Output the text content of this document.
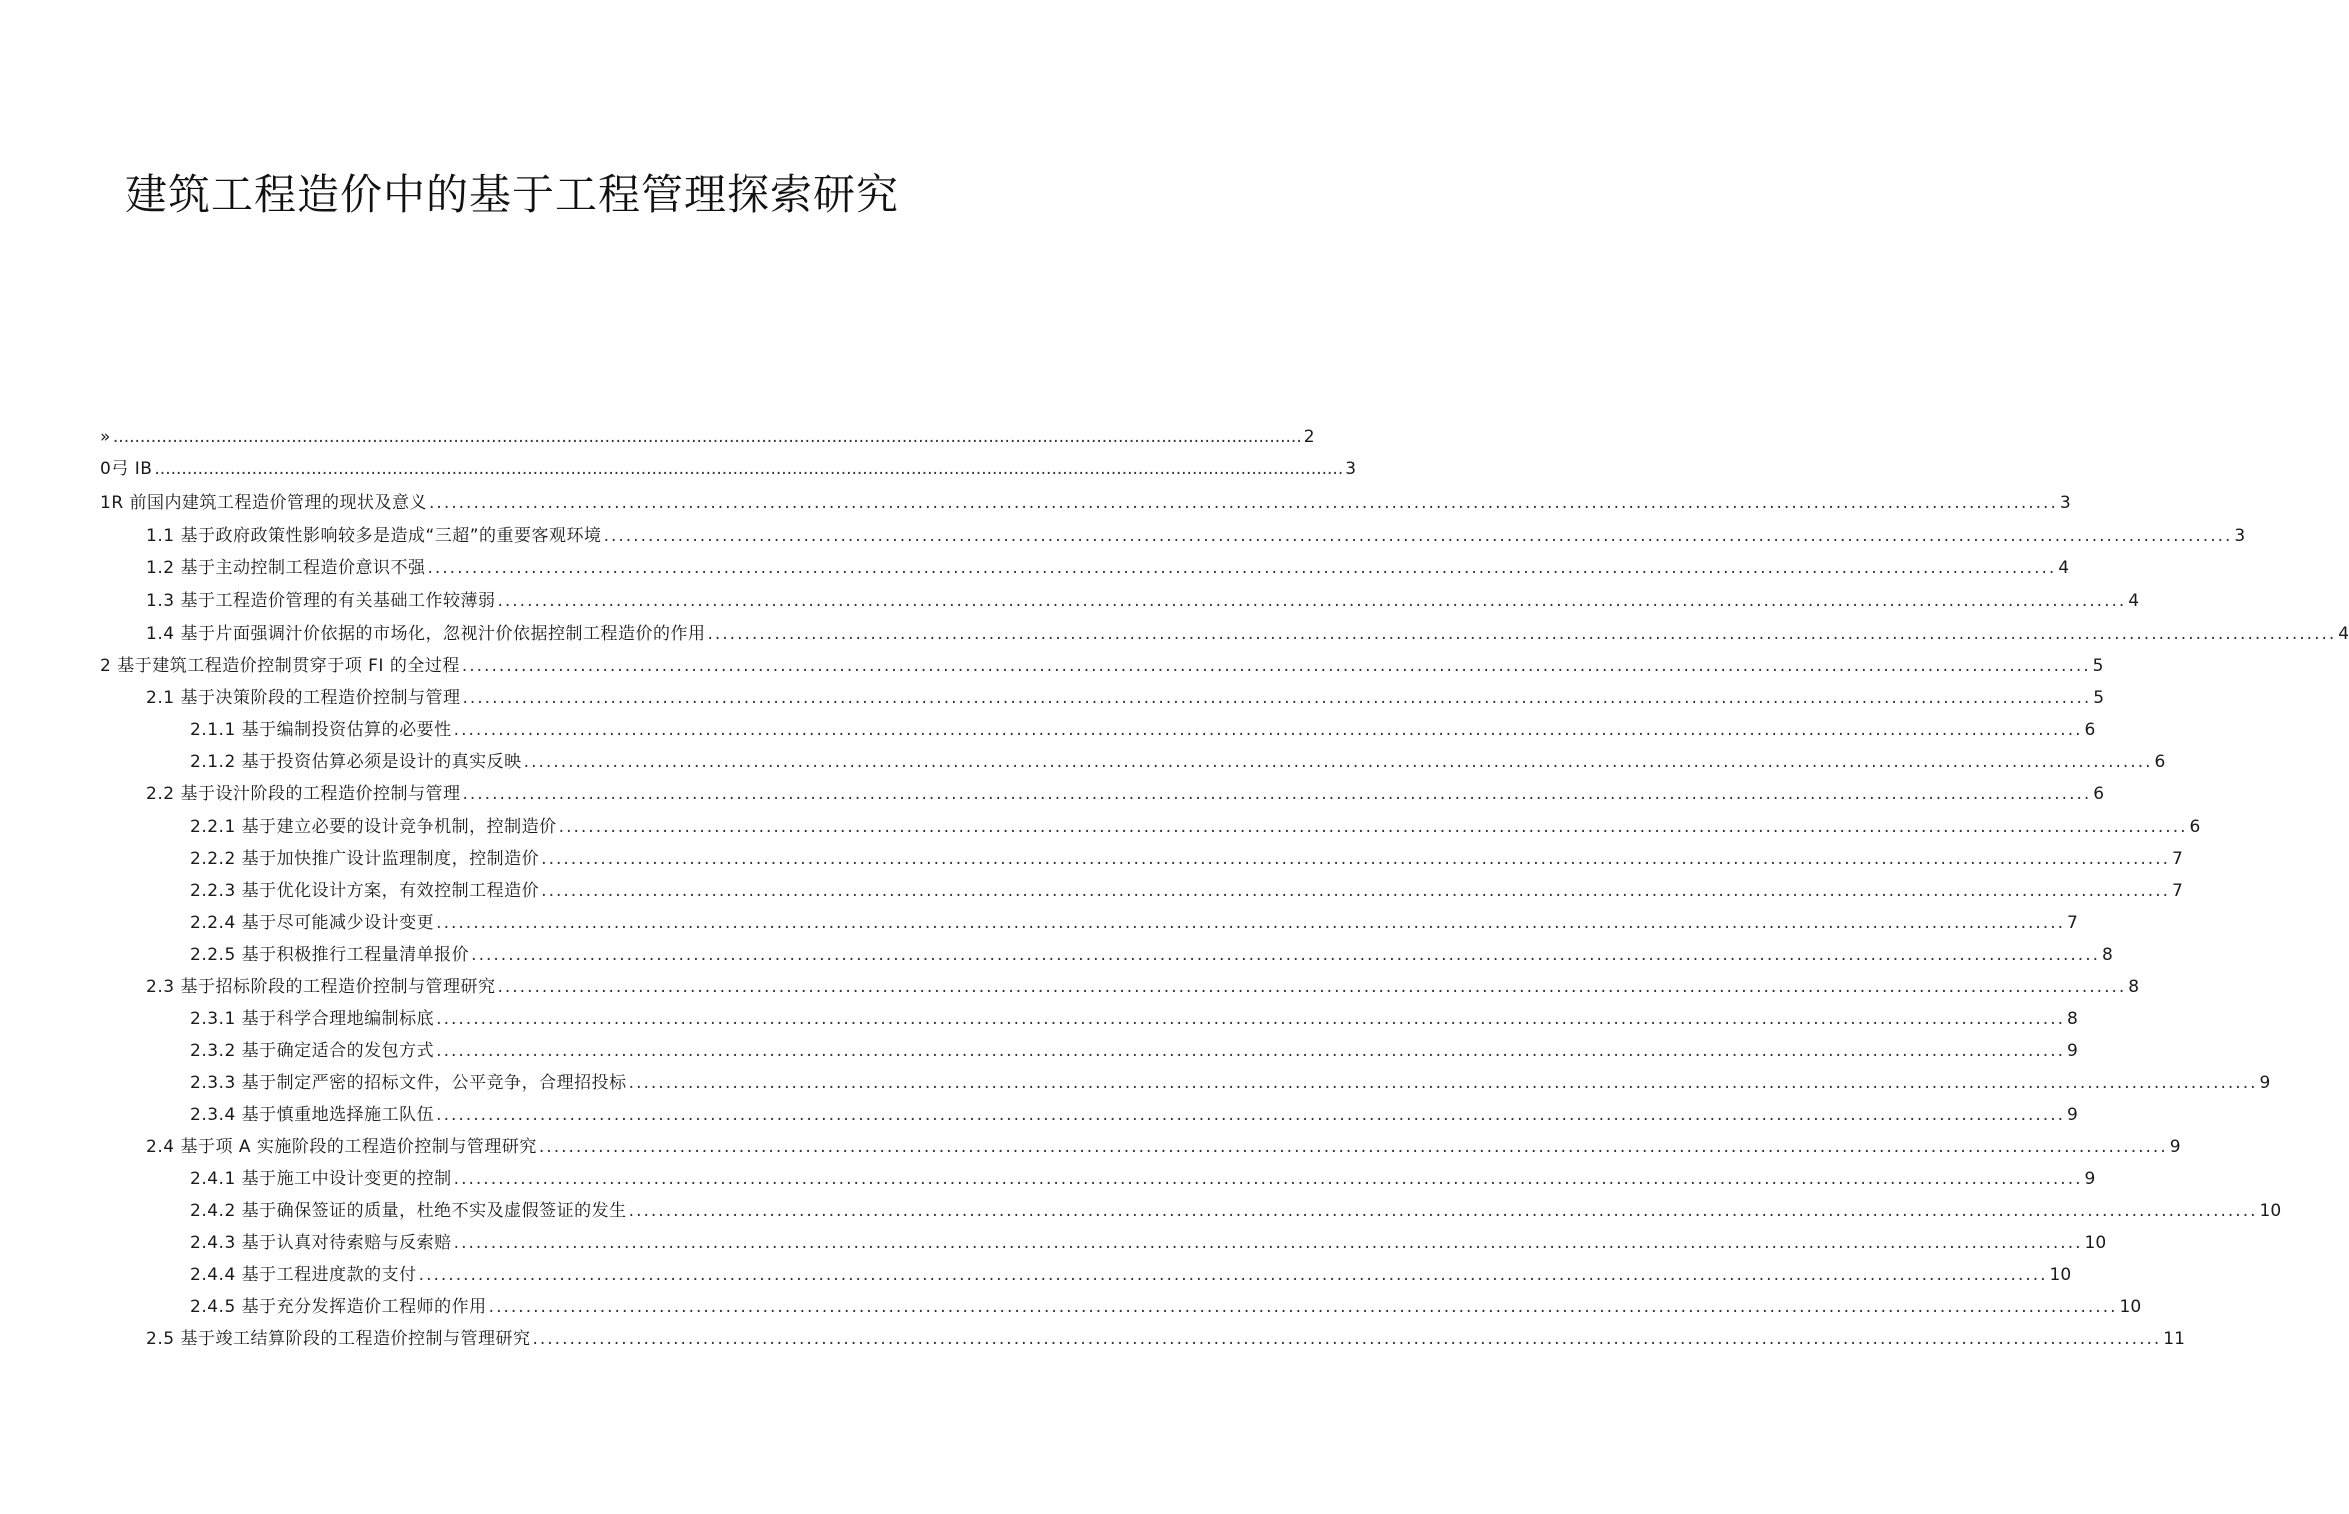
建筑工程造价中的基于工程管理探索研究
» ............................................................................................................................................................................................................................ 2
0弓 IB ............................................................................................................................................................................................................................ 3
1R 前国内建筑工程造价管理的现状及意义 ............................................................................................................................................................................................................................ 3
1.1 基于政府政策性影响较多是造成“三超”的重要客观环境 ............................................................................................................................................................................................................................ 3
1.2 基于主动控制工程造价意识不强 ............................................................................................................................................................................................................................ 4
1.3 基于工程造价管理的有关基础工作较薄弱 ............................................................................................................................................................................................................................ 4
1.4 基于片面强调汁价依据的市场化，忽视汁价依据控制工程造价的作用 ............................................................................................................................................................................................................................ 4
2 基于建筑工程造价控制贯穿于项 FI 的全过程 ............................................................................................................................................................................................................................ 5
2.1 基于决策阶段的工程造价控制与管理 ............................................................................................................................................................................................................................ 5
2.1.1 基于编制投资估算的必要性 ............................................................................................................................................................................................................................ 6
2.1.2 基于投资估算必须是设计的真实反映 ............................................................................................................................................................................................................................ 6
2.2 基于设汁阶段的工程造价控制与管理 ............................................................................................................................................................................................................................ 6
2.2.1 基于建立必要的设计竞争机制，控制造价 ............................................................................................................................................................................................................................ 6
2.2.2 基于加快推广设计监理制度，控制造价 ............................................................................................................................................................................................................................ 7
2.2.3 基于优化设计方案，有效控制工程造价 ............................................................................................................................................................................................................................ 7
2.2.4 基于尽可能减少设计变更 ............................................................................................................................................................................................................................ 7
2.2.5 基于积极推行工程量清单报价 ............................................................................................................................................................................................................................ 8
2.3 基于招标阶段的工程造价控制与管理研究 ............................................................................................................................................................................................................................ 8
2.3.1 基于科学合理地编制标底 ............................................................................................................................................................................................................................ 8
2.3.2 基于确定适合的发包方式 ............................................................................................................................................................................................................................ 9
2.3.3 基于制定严密的招标文件，公平竞争，合理招投标 ............................................................................................................................................................................................................................ 9
2.3.4 基于慎重地选择施工队伍 ............................................................................................................................................................................................................................ 9
2.4 基于项 A 实施阶段的工程造价控制与管理研究 ............................................................................................................................................................................................................................ 9
2.4.1 基于施工中设计变更的控制 ............................................................................................................................................................................................................................ 9
2.4.2 基于确保签证的质量，杜绝不实及虚假签证的发生 ............................................................................................................................................................................................................................ 10
2.4.3 基于认真对待索赔与反索赔 ............................................................................................................................................................................................................................ 10
2.4.4 基于工程进度款的支付 ............................................................................................................................................................................................................................ 10
2.4.5 基于充分发挥造价工程师的作用 ............................................................................................................................................................................................................................ 10
2.5 基于竣工结算阶段的工程造价控制与管理研究 ............................................................................................................................................................................................................................ 11
